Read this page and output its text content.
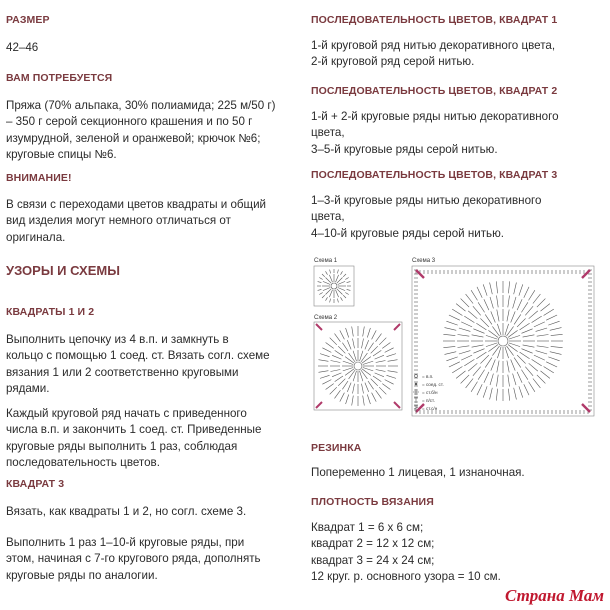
РАЗМЕР
42–46
ВАМ ПОТРЕБУЕТСЯ
Пряжа (70% альпака, 30% полиамида; 225 м/50 г)
– 350 г серой секционного крашения и по 50 г
изумрудной, зеленой и оранжевой; крючок №6;
круговые спицы №6.
ВНИМАНИЕ!
В связи с переходами цветов квадраты и общий
вид изделия могут немного отличаться от
оригинала.
УЗОРЫ И СХЕМЫ
КВАДРАТЫ 1 И 2
Выполнить цепочку из 4 в.п. и замкнуть в
кольцо с помощью 1 соед. ст. Вязать согл. схеме
вязания 1 или 2 соответственно круговыми
рядами.
Каждый круговой ряд начать с приведенного
числа в.п. и закончить 1 соед. ст. Приведенные
круговые ряды выполнить 1 раз, соблюдая
последовательность цветов.
КВАДРАТ 3
Вязать, как квадраты 1 и 2, но согл. схеме 3.
Выполнить 1 раз 1–10-й круговые ряды, при
этом, начиная с 7-го кругового ряда, дополнять
круговые ряды по аналогии.
ПОСЛЕДОВАТЕЛЬНОСТЬ ЦВЕТОВ, КВАДРАТ 1
1-й круговой ряд нитью декоративного цвета,
2-й круговой ряд серой нитью.
ПОСЛЕДОВАТЕЛЬНОСТЬ ЦВЕТОВ, КВАДРАТ 2
1-й + 2-й круговые ряды нитью декоративного
цвета,
3–5-й круговые ряды серой нитью.
ПОСЛЕДОВАТЕЛЬНОСТЬ ЦВЕТОВ, КВАДРАТ 3
1–3-й круговые ряды нитью декоративного
цвета,
4–10-й круговые ряды серой нитью.
Схема 1
Схема 2
Схема 3
= в.п.
= соед. ст.
= ст.б/н
= п/ст.
= ст.с/н
РЕЗИНКА
Попеременно 1 лицевая, 1 изнаночная.
ПЛОТНОСТЬ ВЯЗАНИЯ
Квадрат 1 = 6 х 6 см;
квадрат 2 = 12 х 12 см;
квадрат 3 = 24 х 24 см;
12 круг. р. основного узора = 10 см.
Страна Мам
